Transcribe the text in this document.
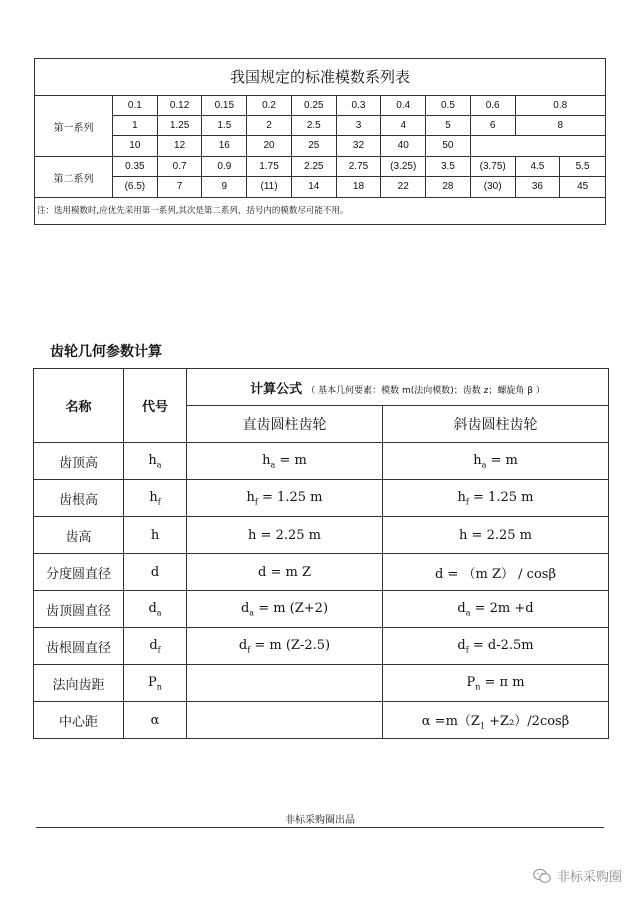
我国规定的标准模数系列表
第一系列
0.1	0.12	0.15	0.2	0.25	0.3	0.4	0.5	0.6	0.8
1	1.25	1.5	2	2.5	3	4	5	6	8
10	12	16	20	25	32	40	50
第二系列
0.35	0.7	0.9	1.75	2.25	2.75	(3.25)	3.5	(3.75)	4.5	5.5
(6.5)	7	9	(11)	14	18	22	28	(30)	36	45
注：选用模数时,应优先采用第一系列,其次是第二系列，括号内的模数尽可能不用。
齿轮几何参数计算
名称	代号	计算公式 （ 基本几何要素：模数 m(法向模数)；齿数 z；螺旋角 β ）	
		直齿圆柱齿轮	斜齿圆柱齿轮
齿顶高	$h_a$	$h_a = m$	$h_a = m$
齿根高	$h_f$	$h_f = 1.25$ m	$h_f = 1.25$ m
齿高	h	h = 2.25 m	h = 2.25 m
分度圆直径	d	d = m Z	d = （m Z） / cosβ
齿顶圆直径	$d_a$	$d_a = m$ (Z+2)	$d_a = 2m +d$
齿根圆直径	$d_f$	$d_f = m$ (Z-2.5)	$d_f = d-2.5m$
法向齿距	$P_n$		$P_n = \pi$ m
中心距	α		$\alpha =m(Z_1 +Z_2)/2\cos\beta$
非标采购圈出品
非标采购圈
